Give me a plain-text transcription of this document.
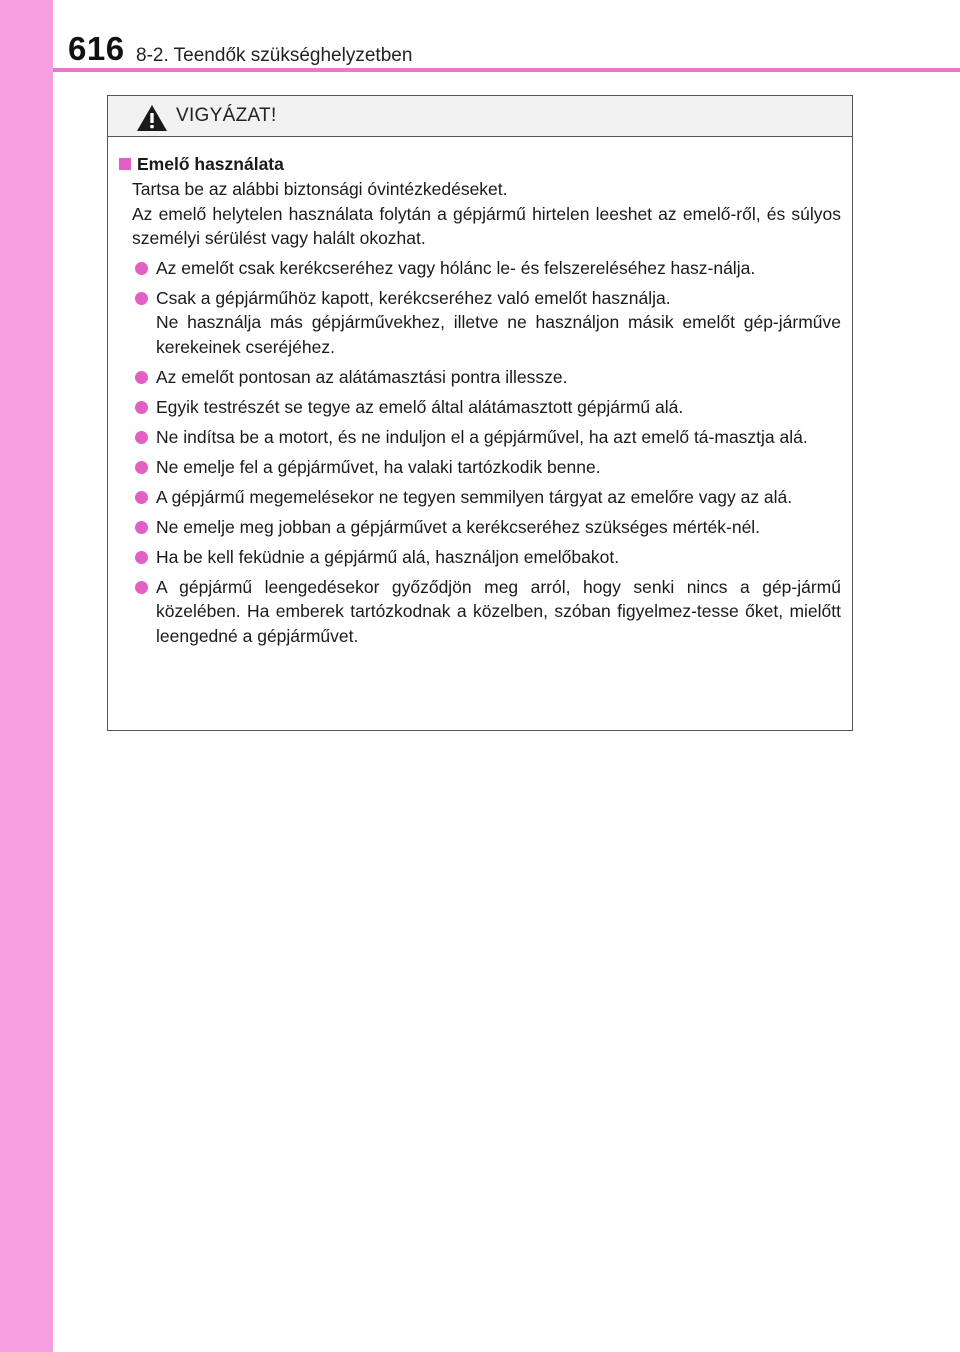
616 8-2. Teendők szükséghelyzetben
VIGYÁZAT!
Emelő használata

Tartsa be az alábbi biztonsági óvintézkedéseket.

Az emelő helytelen használata folytán a gépjármű hirtelen leeshet az emelő-ről, és súlyos személyi sérülést vagy halált okozhat.

Az emelőt csak kerékcseréhez vagy hólánc le- és felszereléséhez hasz-nálja.
Csak a gépjárműhöz kapott, kerékcseréhez való emelőt használja.
Ne használja más gépjárművekhez, illetve ne használjon másik emelőt gép-járműve kerekeinek cseréjéhez.
Az emelőt pontosan az alátámasztási pontra illessze.
Egyik testrészét se tegye az emelő által alátámasztott gépjármű alá.
Ne indítsa be a motort, és ne induljon el a gépjárművel, ha azt emelő tá-masztja alá.
Ne emelje fel a gépjárművet, ha valaki tartózkodik benne.
A gépjármű megemelésekor ne tegyen semmilyen tárgyat az emelőre vagy az alá.
Ne emelje meg jobban a gépjárművet a kerékcseréhez szükséges mérték-nél.
Ha be kell feküdnie a gépjármű alá, használjon emelőbakot.
A gépjármű leengedésekor győződjön meg arról, hogy senki nincs a gép-jármű közelében. Ha emberek tartózkodnak a közelben, szóban figyelmez-tesse őket, mielőtt leengedné a gépjárművet.
